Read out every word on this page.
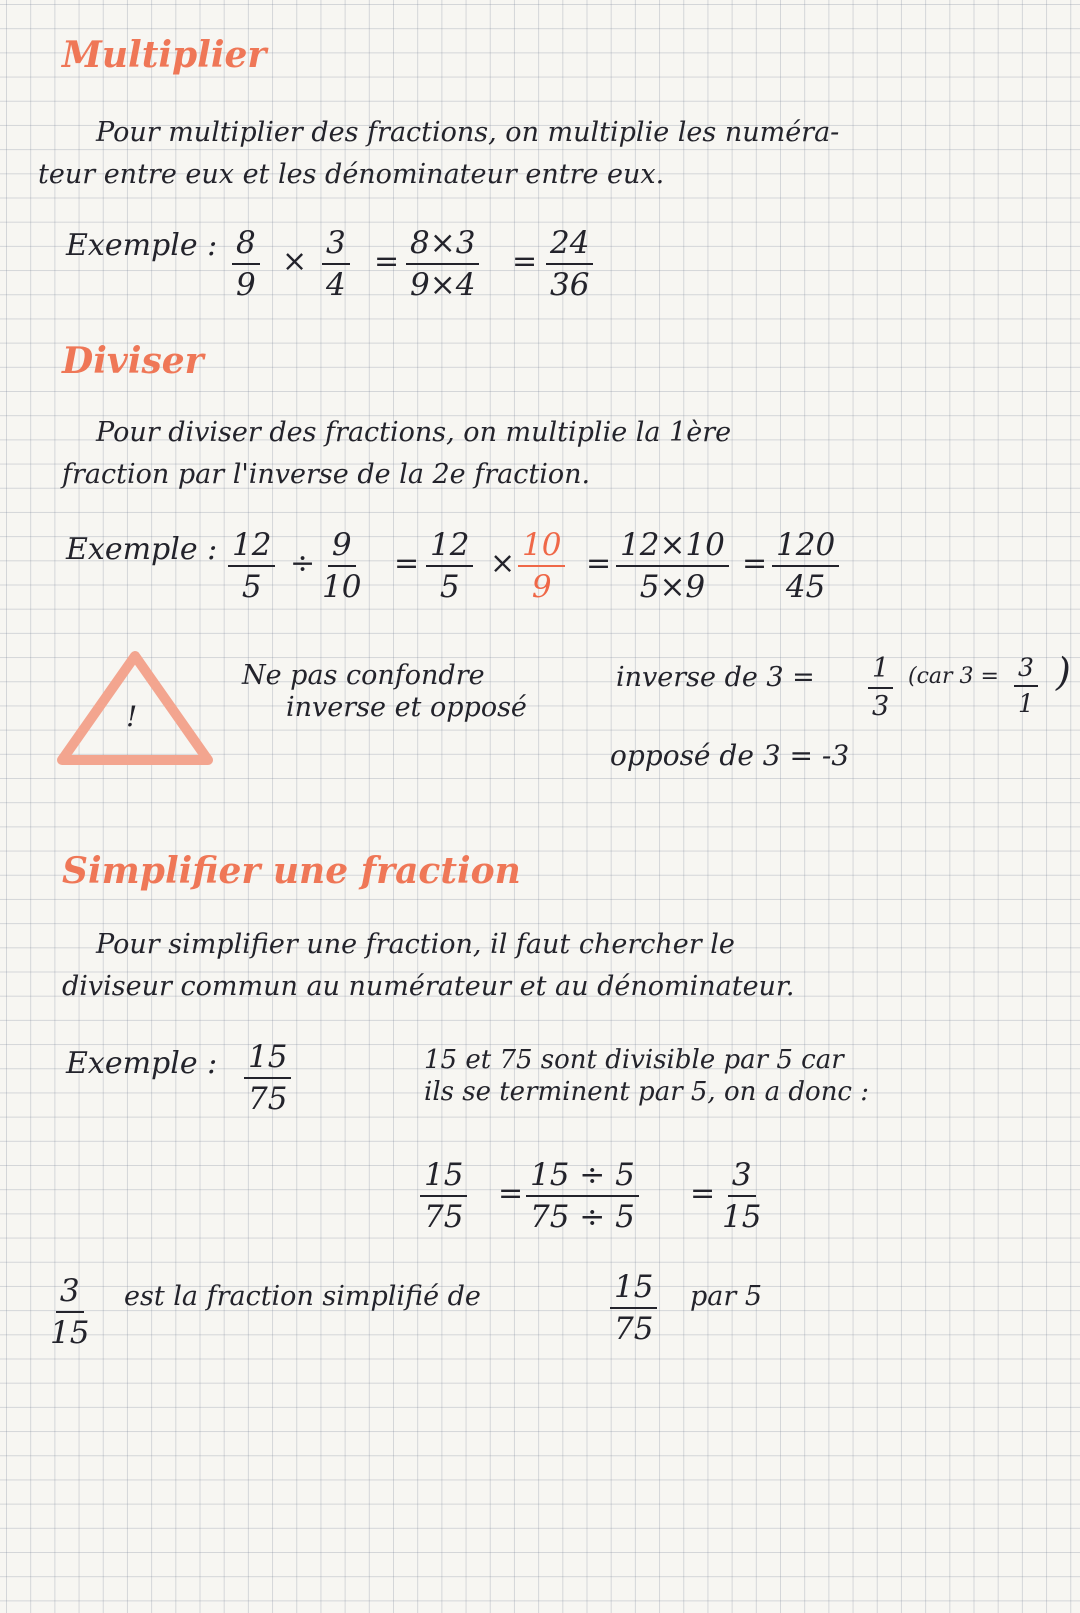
Multiplier
Pour multiplier des fractions, on multiplie les numéra-
teur entre eux et les dénominateur entre eux.
Exemple : $\frac{8}{9} \times \frac{3}{4} = \frac{8\times 3}{9\times 4} = \frac{24}{36}$
Diviser
Pour diviser des fractions, on multiplie la 1ère
fraction par l'inverse de la 2e fraction.
Exemple : $\frac{12}{5} \div \frac{9}{10} = \frac{12}{5} \times \frac{10}{9} = \frac{12\times 10}{5\times 9} = \frac{120}{45}$
!
Ne pas confondre
inverse et opposé
inverse de $3 = \frac{1}{3} (car$ $3 = \frac{3}{1}$ )
opposé de 3 = -3
Simplifier une fraction
Pour simplifier une fraction, il faut chercher le
diviseur commun au numérateur et au dénominateur.
Exemple : $\frac{15}{75}$	15 et 75 sont divisible par 5 car
ils se terminent par 5, on a donc :
$\frac{15}{75} = \frac{15 \div 5}{75 \div 5} = \frac{3}{15}$
$\frac{3}{15}$ est la fraction simplifié de	$\frac{15}{75}$ par 5
